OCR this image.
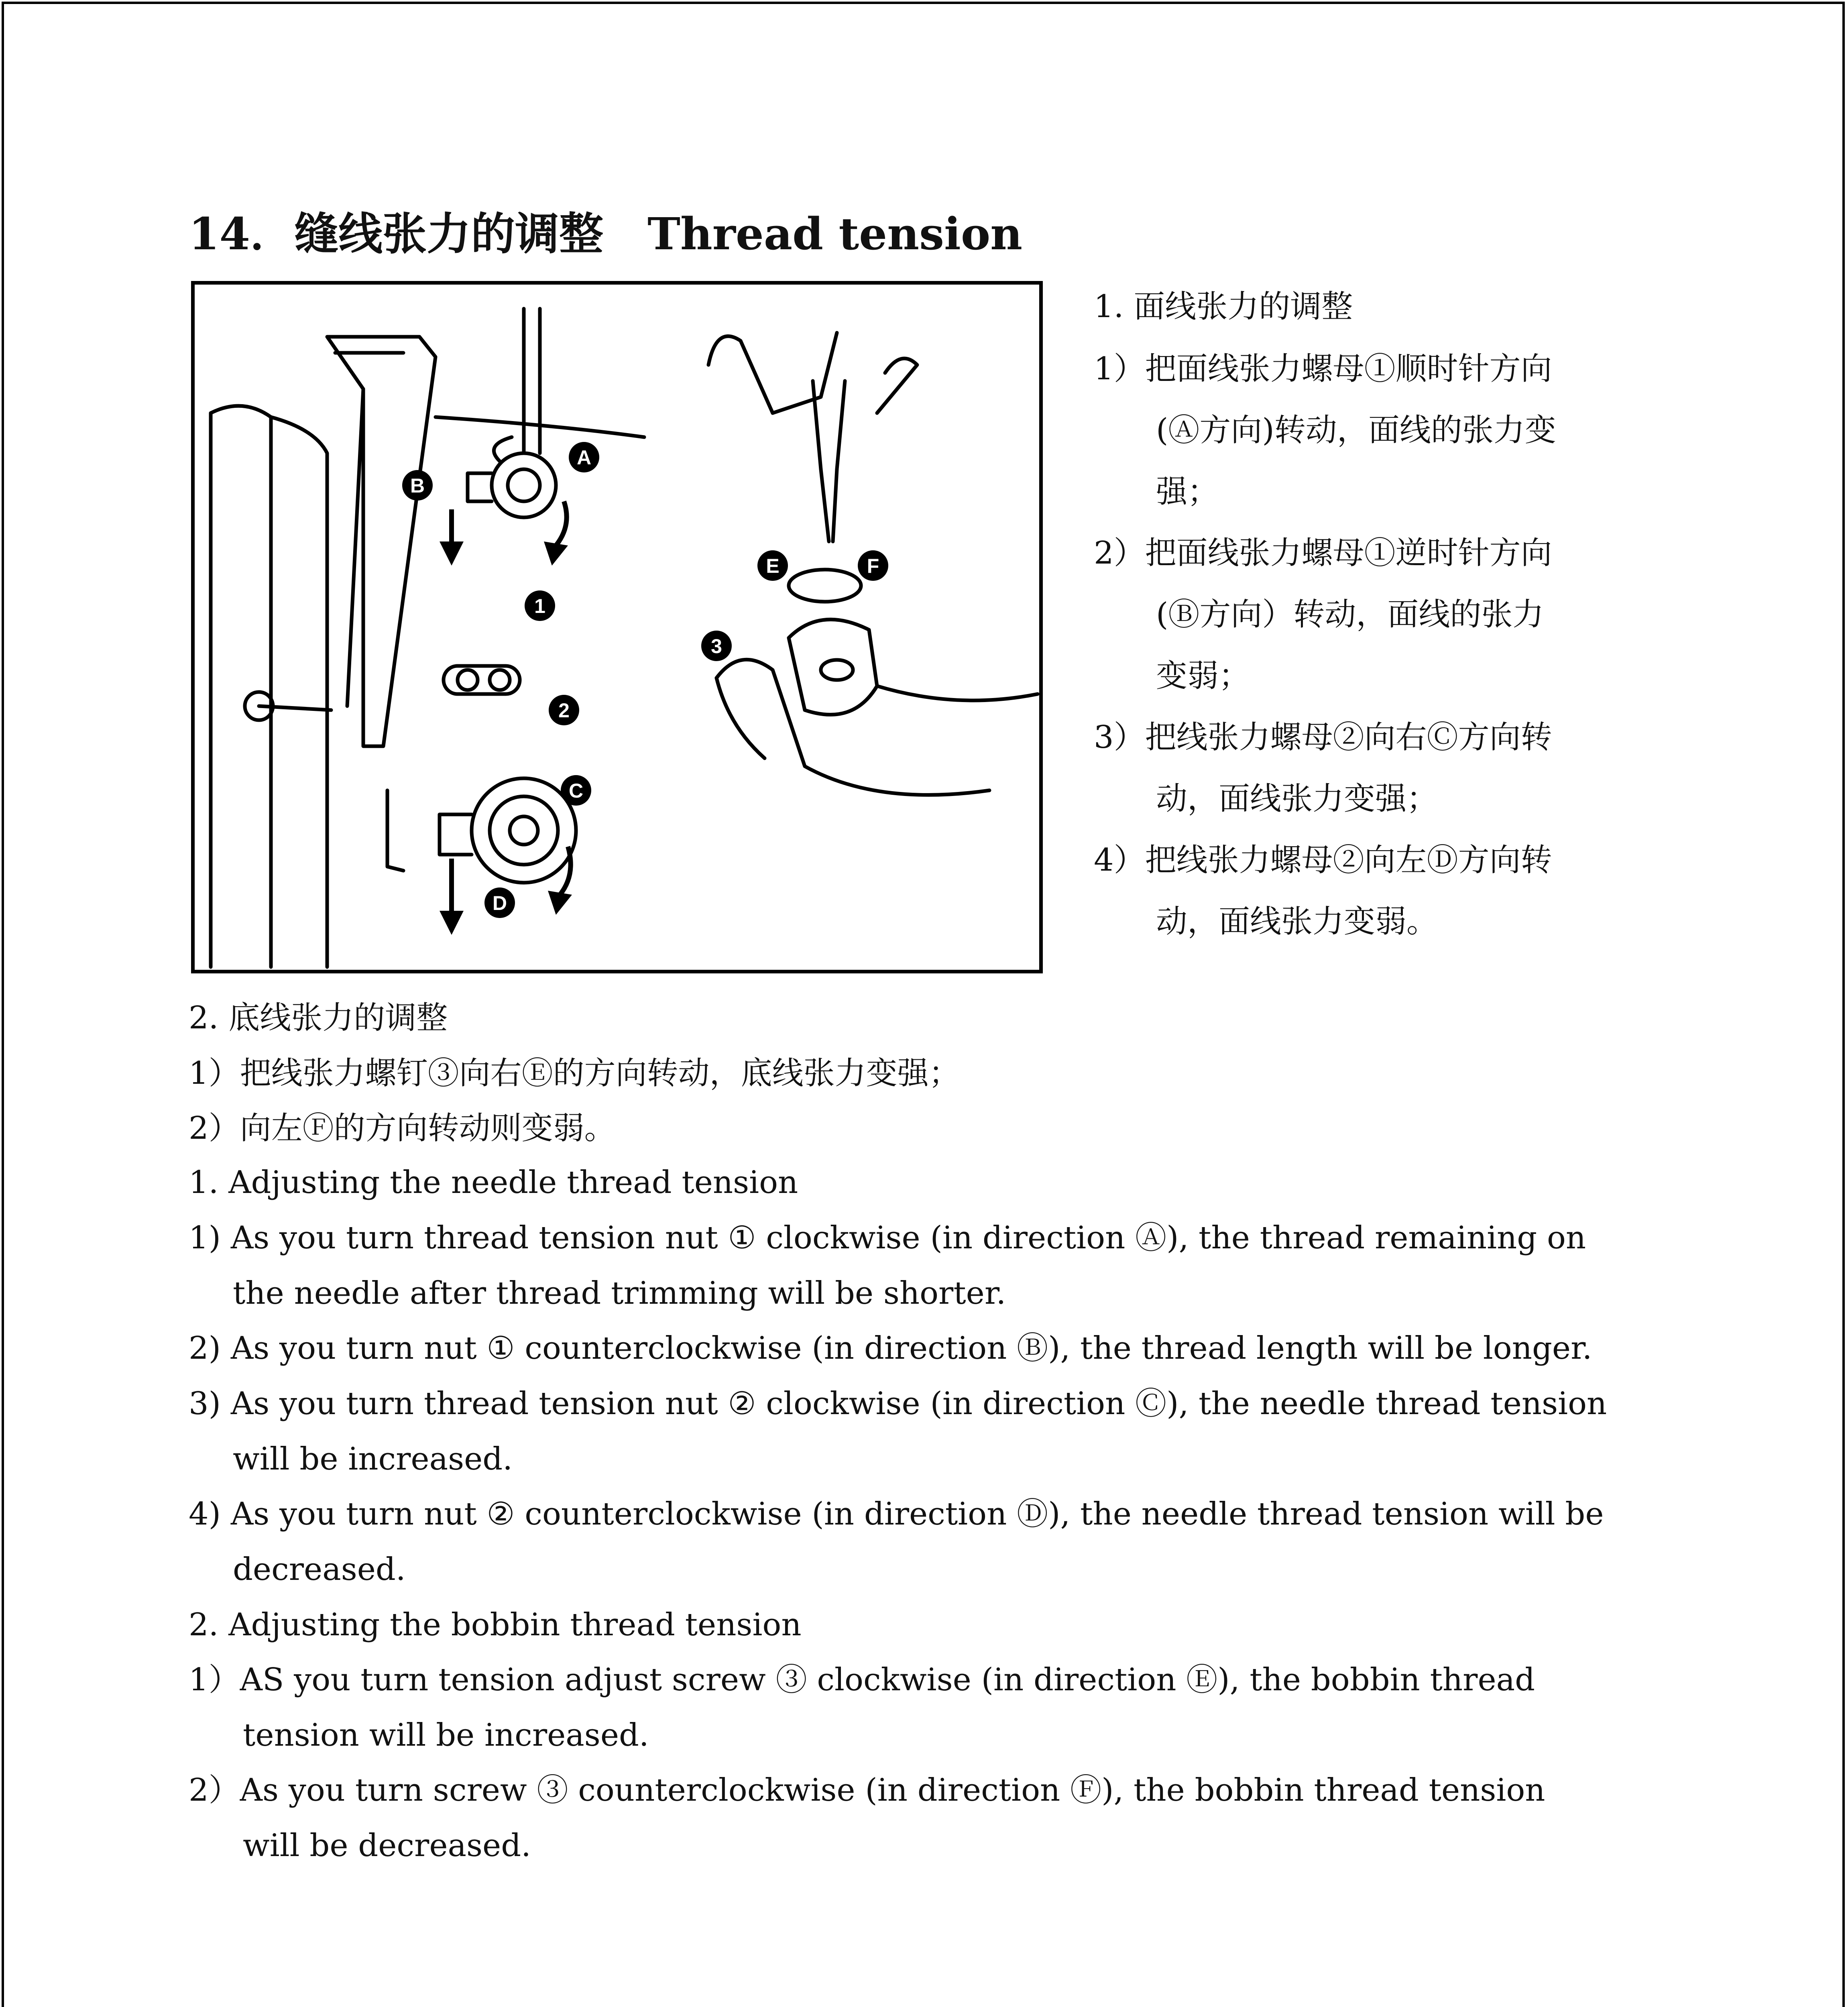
14．缝线张力的调整　Thread tension
A
B
1
2
C
D
E	F
3
1. 面线张力的调整
1）把面线张力螺母①顺时针方向
(Ⓐ方向)转动，面线的张力变
强；
2）把面线张力螺母①逆时针方向
(Ⓑ方向）转动，面线的张力
变弱；
3）把线张力螺母②向右Ⓒ方向转
动，面线张力变强；
4）把线张力螺母②向左Ⓓ方向转
动，面线张力变弱。
2. 底线张力的调整
1）把线张力螺钉③向右Ⓔ的方向转动，底线张力变强；
2）向左Ⓕ的方向转动则变弱。
1. Adjusting the needle thread tension
1) As you turn thread tension nut ① clockwise (in direction Ⓐ), the thread remaining on
the needle after thread trimming will be shorter.
2) As you turn nut ① counterclockwise (in direction Ⓑ), the thread length will be longer.
3) As you turn thread tension nut ② clockwise (in direction Ⓒ), the needle thread tension
will be increased.
4) As you turn nut ② counterclockwise (in direction Ⓓ), the needle thread tension will be
decreased.
2. Adjusting the bobbin thread tension
1）AS you turn tension adjust screw ③ clockwise (in direction Ⓔ), the bobbin thread
tension will be increased.
2）As you turn screw ③ counterclockwise (in direction Ⓕ), the bobbin thread tension
will be decreased.
